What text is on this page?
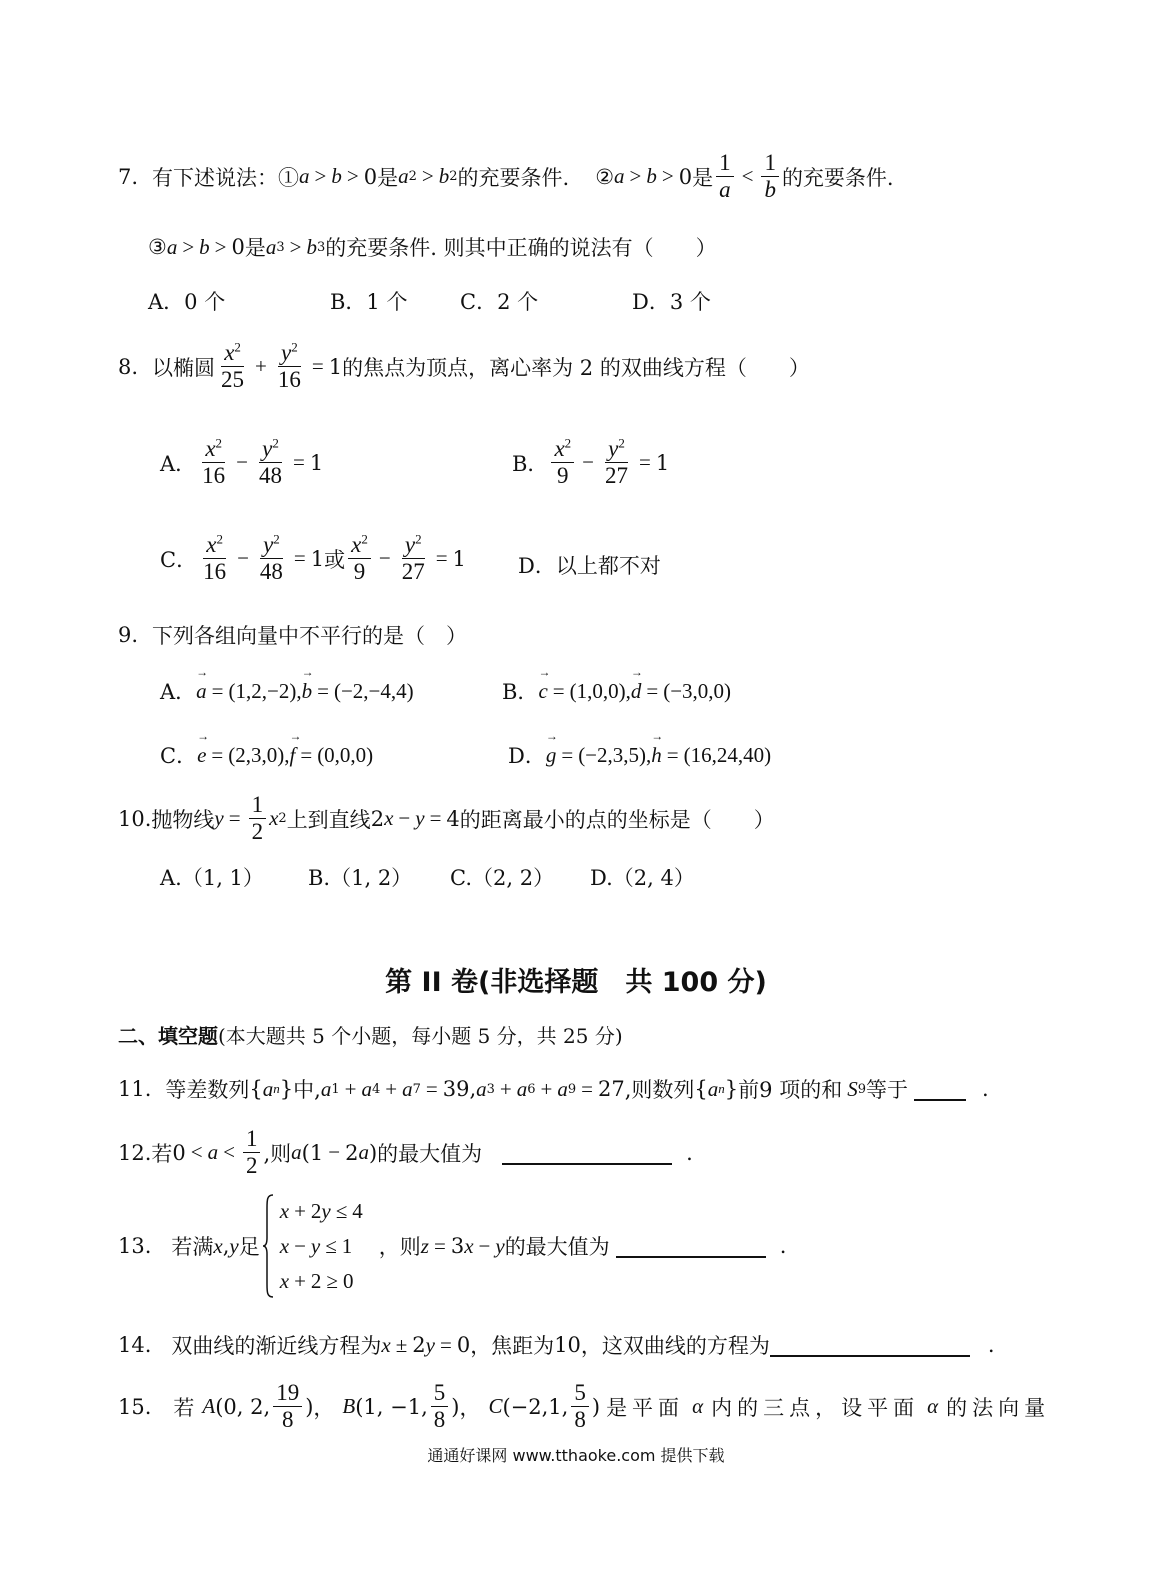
7. 有下述说法：① a > b > 0 是 a 2 > b 2 的充要条件. ② a > b > 0 是 $\frac{1}{a} < \frac{1}{b}$ 的充要条件.
③ a > b > 0 是 a 3 > b 3 的充要条件. 则其中正确的说法有（　　）
A．0 个	B．1 个	C．2 个	D．3 个
8. 以椭圆 $\frac{x^2}{25} + \frac{y^2}{16} = 1$ 的焦点为顶点，离心率为 2 的双曲线方程（　　）
A． $\frac{x^2}{16} - \frac{y^2}{48} = 1$	B． $\frac{x^2}{9} - \frac{y^2}{27} = 1$
C． $\frac{x^2}{16} - \frac{y^2}{48} = 1$ 或 $\frac{x^2}{9} - \frac{y^2}{27} = 1$ D．以上都不对
9. 下列各组向量中不平行的是（　）
A． → a = (1,2,−2), → b = (−2,−4,4)	B． → c = (1,0,0), → d = (−3,0,0)
C． → e = (2,3,0), → f = (0,0,0)	D． → g = (−2,3,5), → h = (16,24,40)
10. 抛物线 $y = \frac{1}{2}$ x 2 上到直线 2 x − y = 4 的距离最小的点的坐标是（　　）
A.（1, 1） B.（1, 2） C.（2, 2） D.（2, 4）
第 II 卷(非选择题　共 100 分)
二、填空题(本大题共 5 个小题，每小题 5 分，共 25 分)
11. 等差数列 { a n } 中, a 1 + a 4 + a 7 = 39, a 3 + a 6 + a 9 = 27 ,则数列 { a n } 前9 项的和 S 9 等于	.
12. 若 $0 < a < \frac{1}{2}$ ,则 a (1 − 2 a ) 的最大值为	.
13. 若满 x , y 足
x + 2y ≤ 4
x − y ≤ 1
x + 2 ≥ 0
，则 z = 3 x − y 的最大值为	.
14. 双曲线的渐近线方程为 x ± 2 y = 0 ，焦距为 10 ，这双曲线的方程为	.
15. 若 A (0, 2, $\frac{19}{8}$ ) ， B (1, −1, $\frac{5}{8}$ ) ， C (−2,1, $\frac{5}{8}$ ) 是平面 α 内的三点，设平面 α 的法向量
通通好课网 www.tthaoke.com 提供下载
